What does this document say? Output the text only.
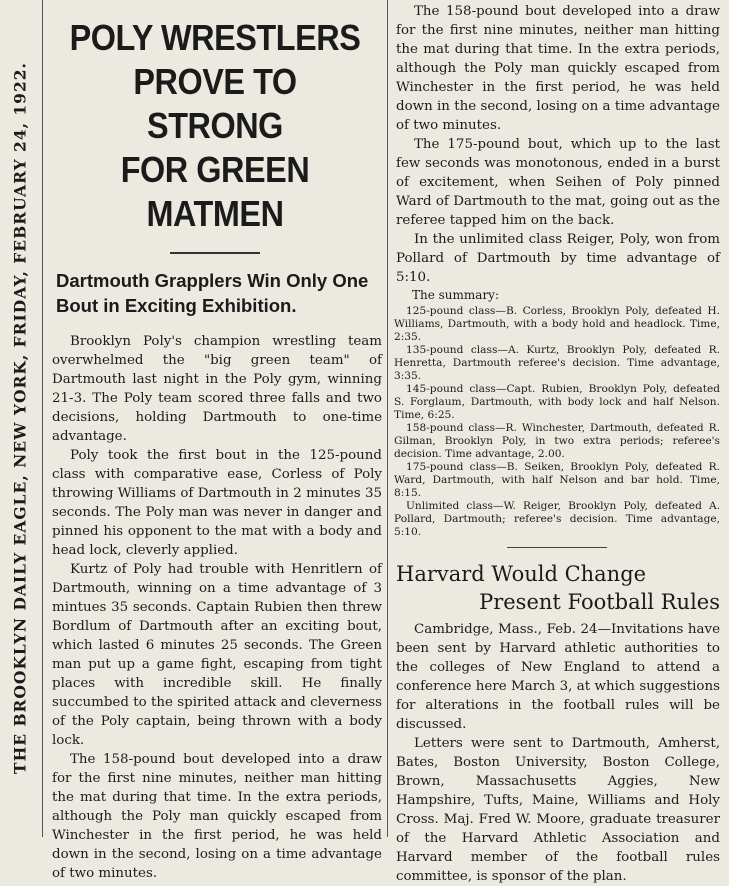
THE BROOKLYN DAILY EAGLE, NEW YORK, FRIDAY, FEBRUARY 24, 1922.
POLY WRESTLERS
PROVE TO STRONG
FOR GREEN MATMEN
Dartmouth Grapplers Win Only One Bout in Exciting Exhibition.

Brooklyn Poly's champion wrestling team overwhelmed the "big green team" of Dartmouth last night in the Poly gym, winning 21-3. The Poly team scored three falls and two decisions, holding Dartmouth to one-time advantage.

Poly took the first bout in the 125-pound class with comparative ease, Corless of Poly throwing Williams of Dartmouth in 2 minutes 35 seconds. The Poly man was never in danger and pinned his opponent to the mat with a body and head lock, cleverly applied.

Kurtz of Poly had trouble with Henritlern of Dartmouth, winning on a time advantage of 3 mintues 35 seconds. Captain Rubien then threw Bordlum of Dartmouth after an exciting bout, which lasted 6 minutes 25 seconds. The Green man put up a game fight, escaping from tight places with incredible skill. He finally succumbed to the spirited attack and cleverness of the Poly captain, being thrown with a body lock.

The 158-pound bout developed into a draw for the first nine minutes, neither man hitting the mat during that time. In the extra periods, although the Poly man quickly escaped from Winchester in the first period, he was held down in the second, losing on a time advantage of two minutes.

The 158-pound bout developed into a draw for the first nine minutes, neither man hitting the mat during that time. In the extra periods, although the Poly man quickly escaped from Winchester in the first period, he was held down in the second, losing on a time advantage of two minutes.

The 175-pound bout, which up to the last few seconds was monotonous, ended in a burst of excitement, when Seihen of Poly pinned Ward of Dartmouth to the mat, going out as the referee tapped him on the back.

In the unlimited class Reiger, Poly, won from Pollard of Dartmouth by time advantage of 5:10.

The summary:

125-pound class—B. Corless, Brooklyn Poly, defeated H. Williams, Dartmouth, with a body hold and headlock. Time, 2:35.

135-pound class—A. Kurtz, Brooklyn Poly, defeated R. Henretta, Dartmouth referee's decision. Time advantage, 3:35.

145-pound class—Capt. Rubien, Brooklyn Poly, defeated S. Forglaum, Dartmouth, with body lock and half Nelson. Time, 6:25.

158-pound class—R. Winchester, Dartmouth, defeated R. Gilman, Brooklyn Poly, in two extra periods; referee's decision. Time advantage, 2.00.

175-pound class—B. Seiken, Brooklyn Poly, defeated R. Ward, Dartmouth, with half Nelson and bar hold. Time, 8:15.

Unlimited class—W. Reiger, Brooklyn Poly, defeated A. Pollard, Dartmouth; referee's decision. Time advantage, 5:10.

Harvard Would Change
Present Football Rules

Cambridge, Mass., Feb. 24—Invitations have been sent by Harvard athletic authorities to the colleges of New England to attend a conference here March 3, at which suggestions for alterations in the football rules will be discussed.

Letters were sent to Dartmouth, Amherst, Bates, Boston University, Boston College, Brown, Massachusetts Aggies, New Hampshire, Tufts, Maine, Williams and Holy Cross. Maj. Fred W. Moore, graduate treasurer of the Harvard Athletic Association and Harvard member of the football rules committee, is sponsor of the plan.
